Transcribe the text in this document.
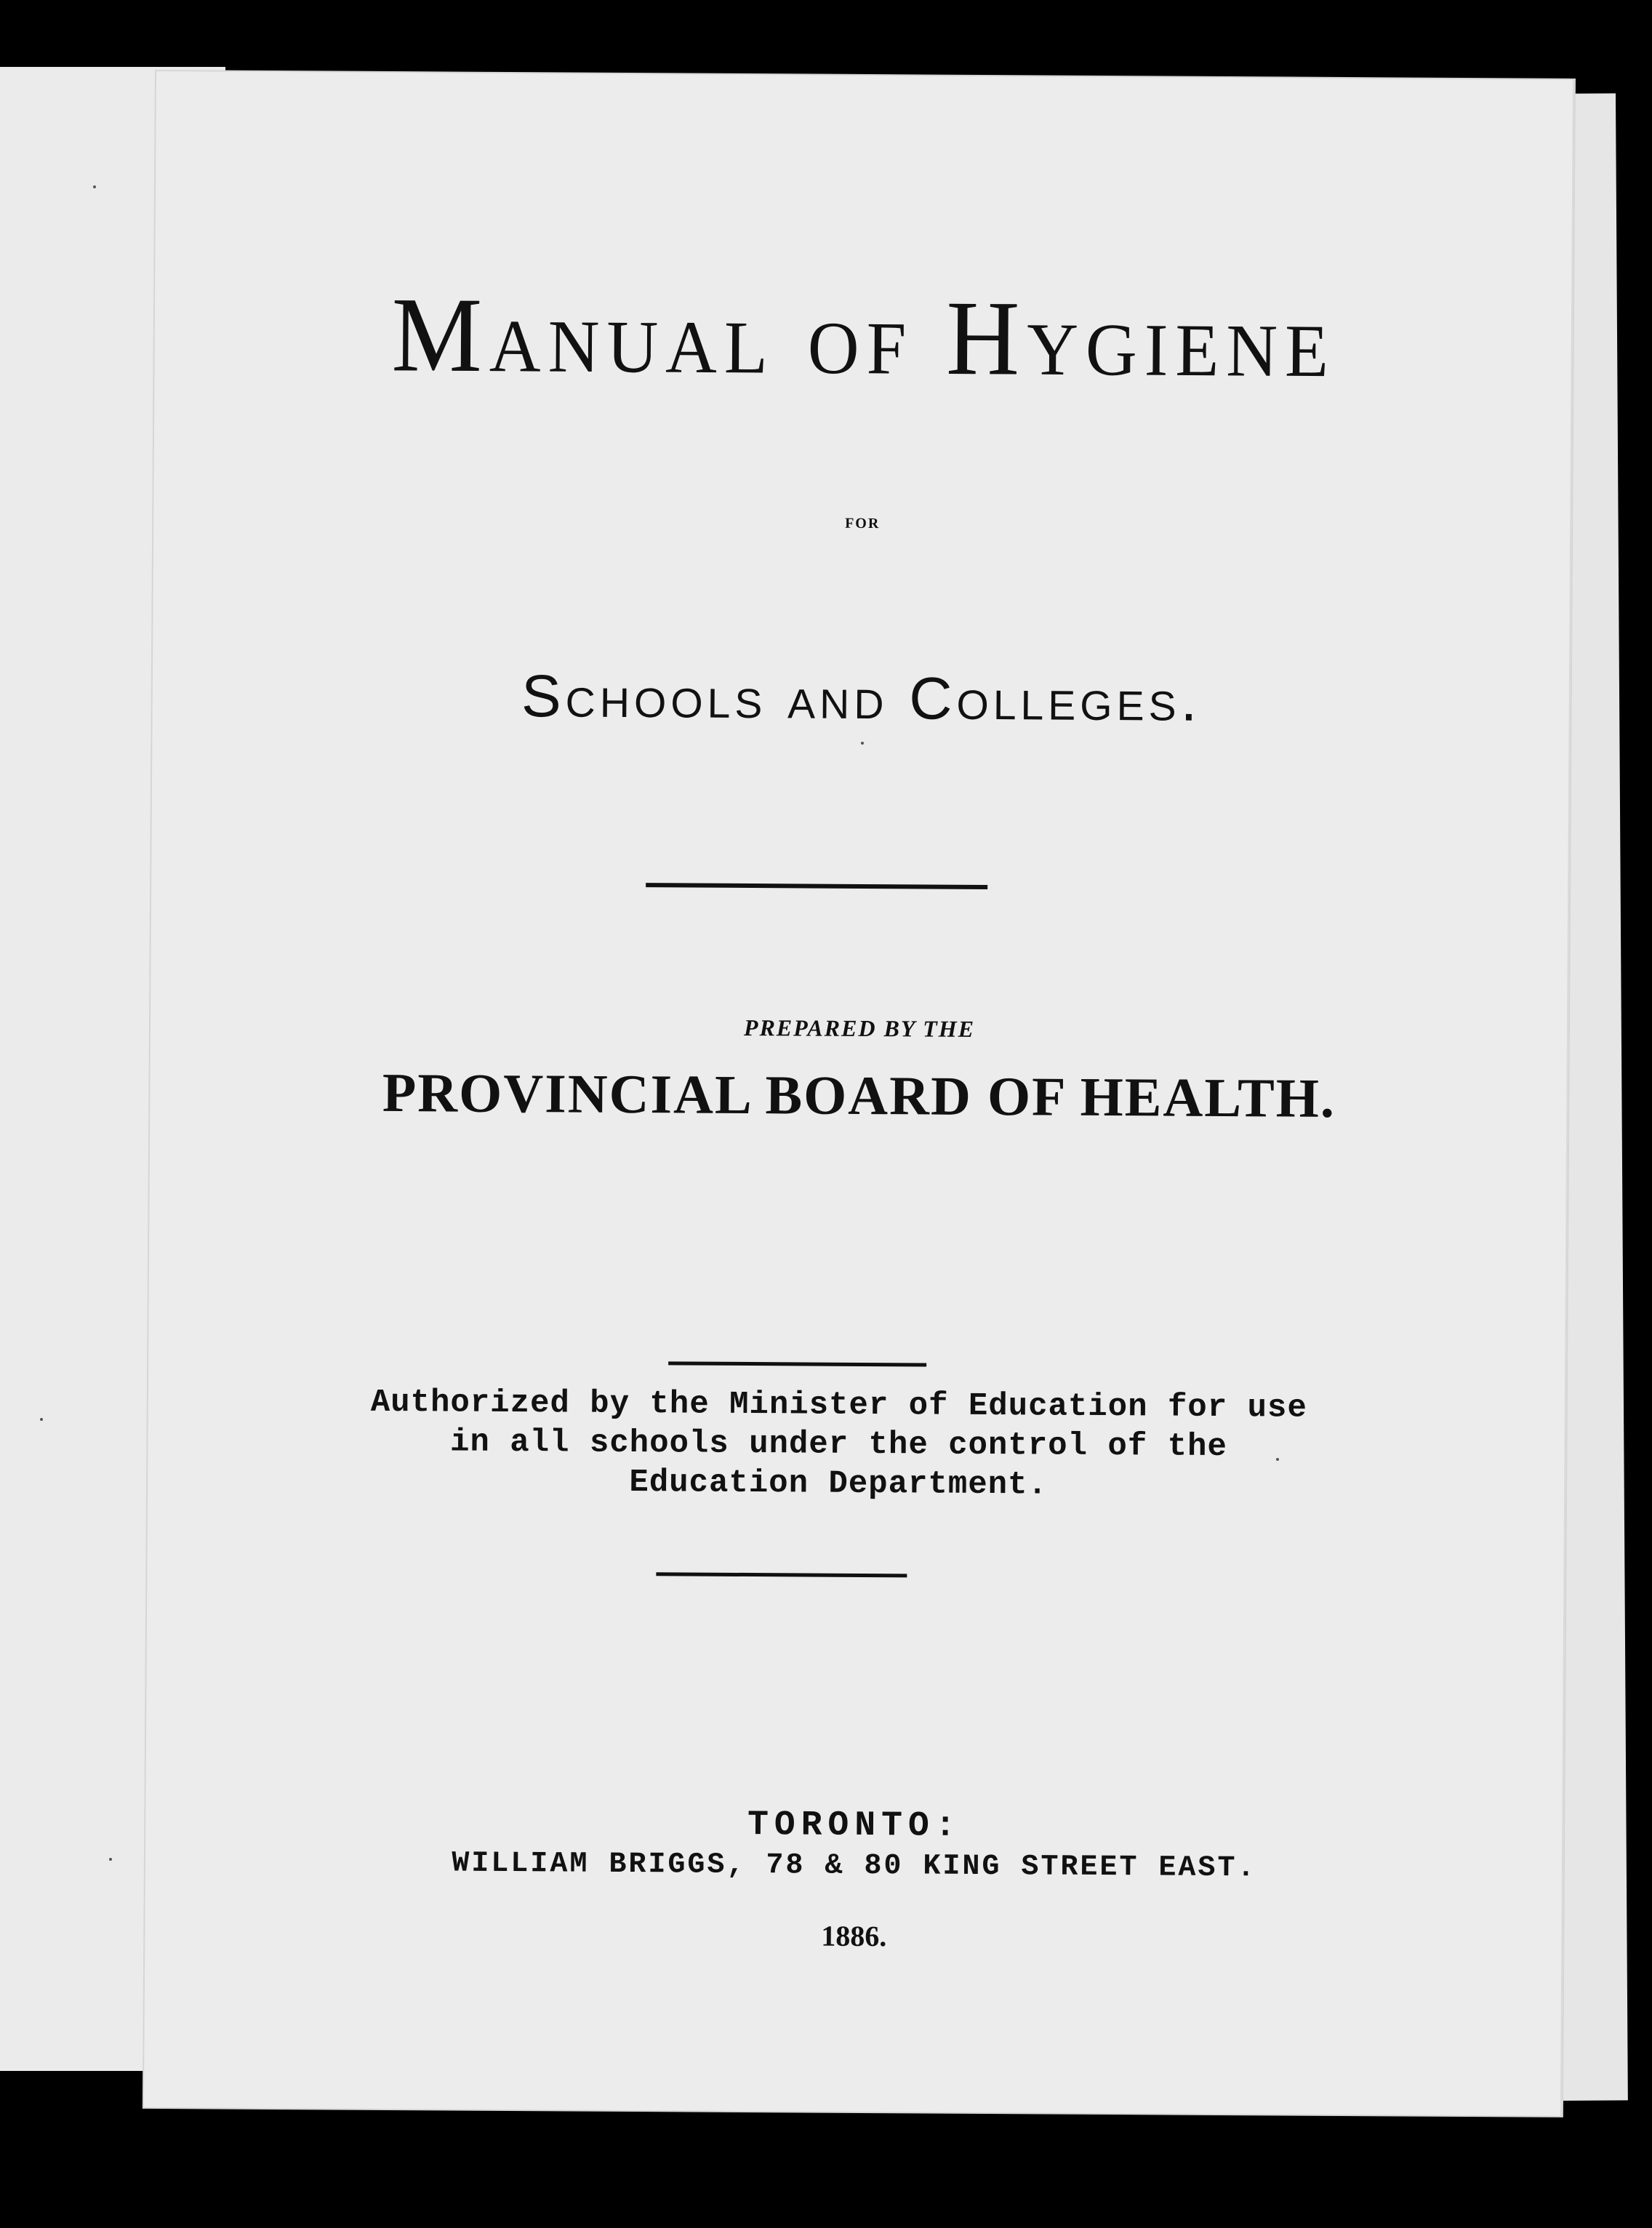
Manual of Hygiene
for
Schools and Colleges.
PREPARED BY THE
PROVINCIAL BOARD OF HEALTH.
Authorized by the Minister of Education for use
in all schools under the control of the
Education Department.
TORONTO:
WILLIAM BRIGGS, 78 & 80 KING STREET EAST.
1886.
